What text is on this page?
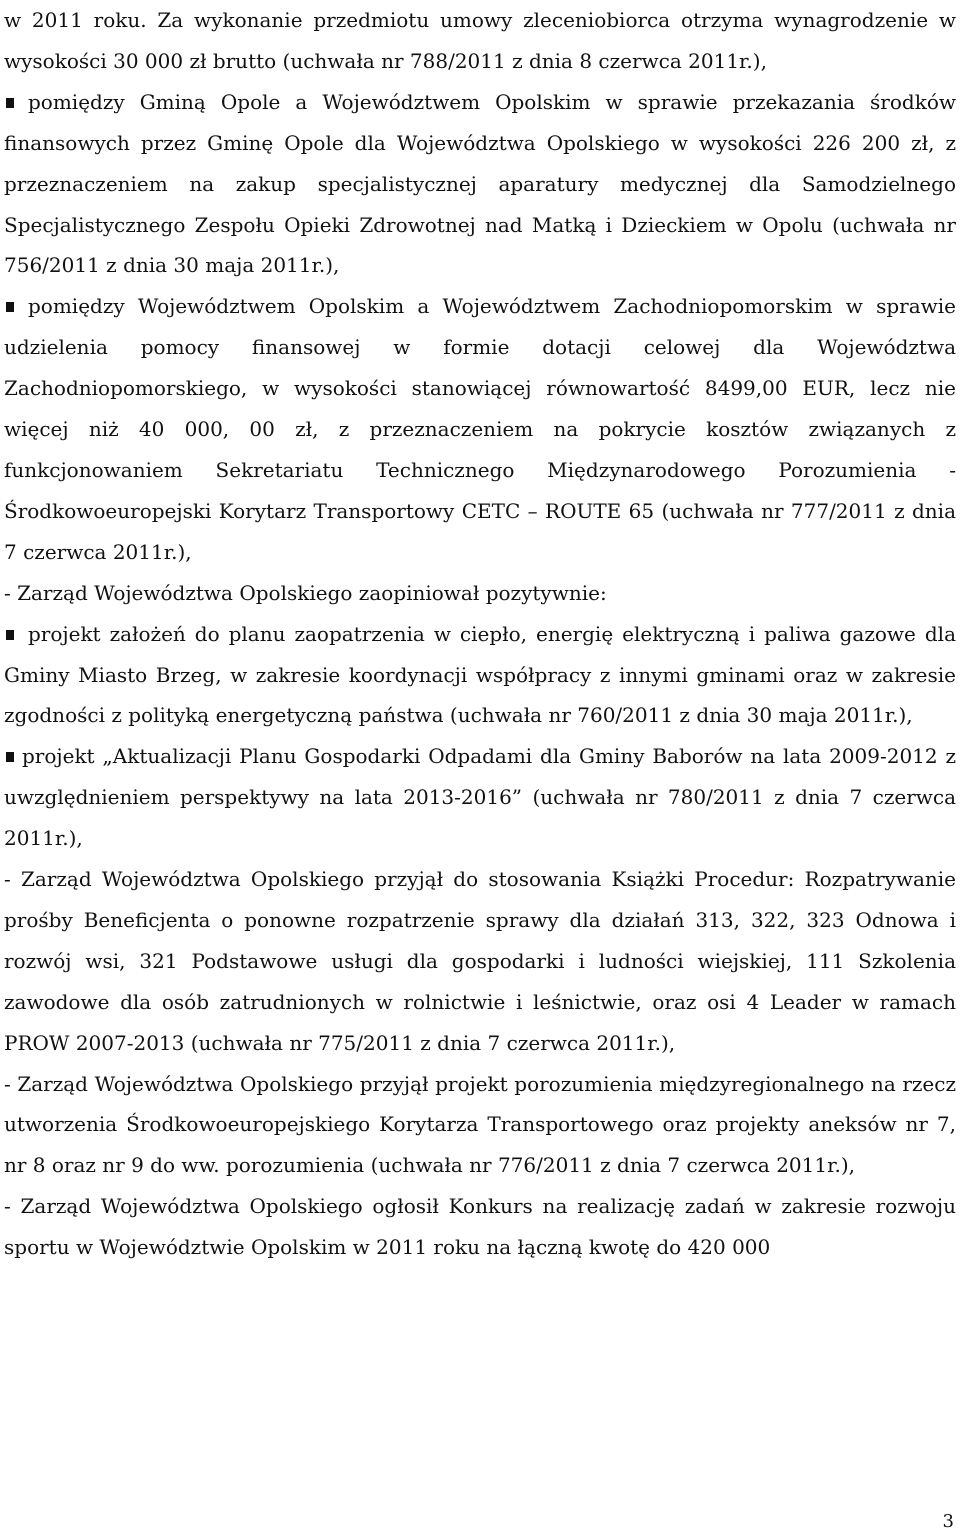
w 2011 roku. Za wykonanie przedmiotu umowy zleceniobiorca otrzyma wynagrodzenie w wysokości 30 000 zł brutto (uchwała nr 788/2011 z dnia 8 czerwca 2011r.),

pomiędzy Gminą Opole a Województwem Opolskim w sprawie przekazania środków finansowych przez Gminę Opole dla Województwa Opolskiego w wysokości 226 200 zł, z przeznaczeniem na zakup specjalistycznej aparatury medycznej dla Samodzielnego Specjalistycznego Zespołu Opieki Zdrowotnej nad Matką i Dzieckiem w Opolu (uchwała nr 756/2011 z dnia 30 maja 2011r.),

pomiędzy Województwem Opolskim a Województwem Zachodniopomorskim w sprawie udzielenia pomocy finansowej w formie dotacji celowej dla Województwa Zachodniopomorskiego, w wysokości stanowiącej równowartość 8499,00 EUR, lecz nie więcej niż 40 000, 00 zł, z przeznaczeniem na pokrycie kosztów związanych z funkcjonowaniem Sekretariatu Technicznego Międzynarodowego Porozumienia - Środkowoeuropejski Korytarz Transportowy CETC – ROUTE 65 (uchwała nr 777/2011 z dnia 7 czerwca 2011r.),

- Zarząd Województwa Opolskiego zaopiniował pozytywnie:

projekt założeń do planu zaopatrzenia w ciepło, energię elektryczną i paliwa gazowe dla Gminy Miasto Brzeg, w zakresie koordynacji współpracy z innymi gminami oraz w zakresie zgodności z polityką energetyczną państwa (uchwała nr 760/2011 z dnia 30 maja 2011r.),

projekt „Aktualizacji Planu Gospodarki Odpadami dla Gminy Baborów na lata 2009-2012 z uwzględnieniem perspektywy na lata 2013-2016” (uchwała nr 780/2011 z dnia 7 czerwca 2011r.),

- Zarząd Województwa Opolskiego przyjął do stosowania Książki Procedur: Rozpatrywanie prośby Beneficjenta o ponowne rozpatrzenie sprawy dla działań 313, 322, 323 Odnowa i rozwój wsi, 321 Podstawowe usługi dla gospodarki i ludności wiejskiej, 111 Szkolenia zawodowe dla osób zatrudnionych w rolnictwie i leśnictwie, oraz osi 4 Leader w ramach PROW 2007-2013 (uchwała nr 775/2011 z dnia 7 czerwca 2011r.),

- Zarząd Województwa Opolskiego przyjął projekt porozumienia międzyregionalnego na rzecz utworzenia Środkowoeuropejskiego Korytarza Transportowego oraz projekty aneksów nr 7, nr 8 oraz nr 9 do ww. porozumienia (uchwała nr 776/2011 z dnia 7 czerwca 2011r.),

- Zarząd Województwa Opolskiego ogłosił Konkurs na realizację zadań w zakresie rozwoju sportu w Województwie Opolskim w 2011 roku na łączną kwotę do 420 000

3
